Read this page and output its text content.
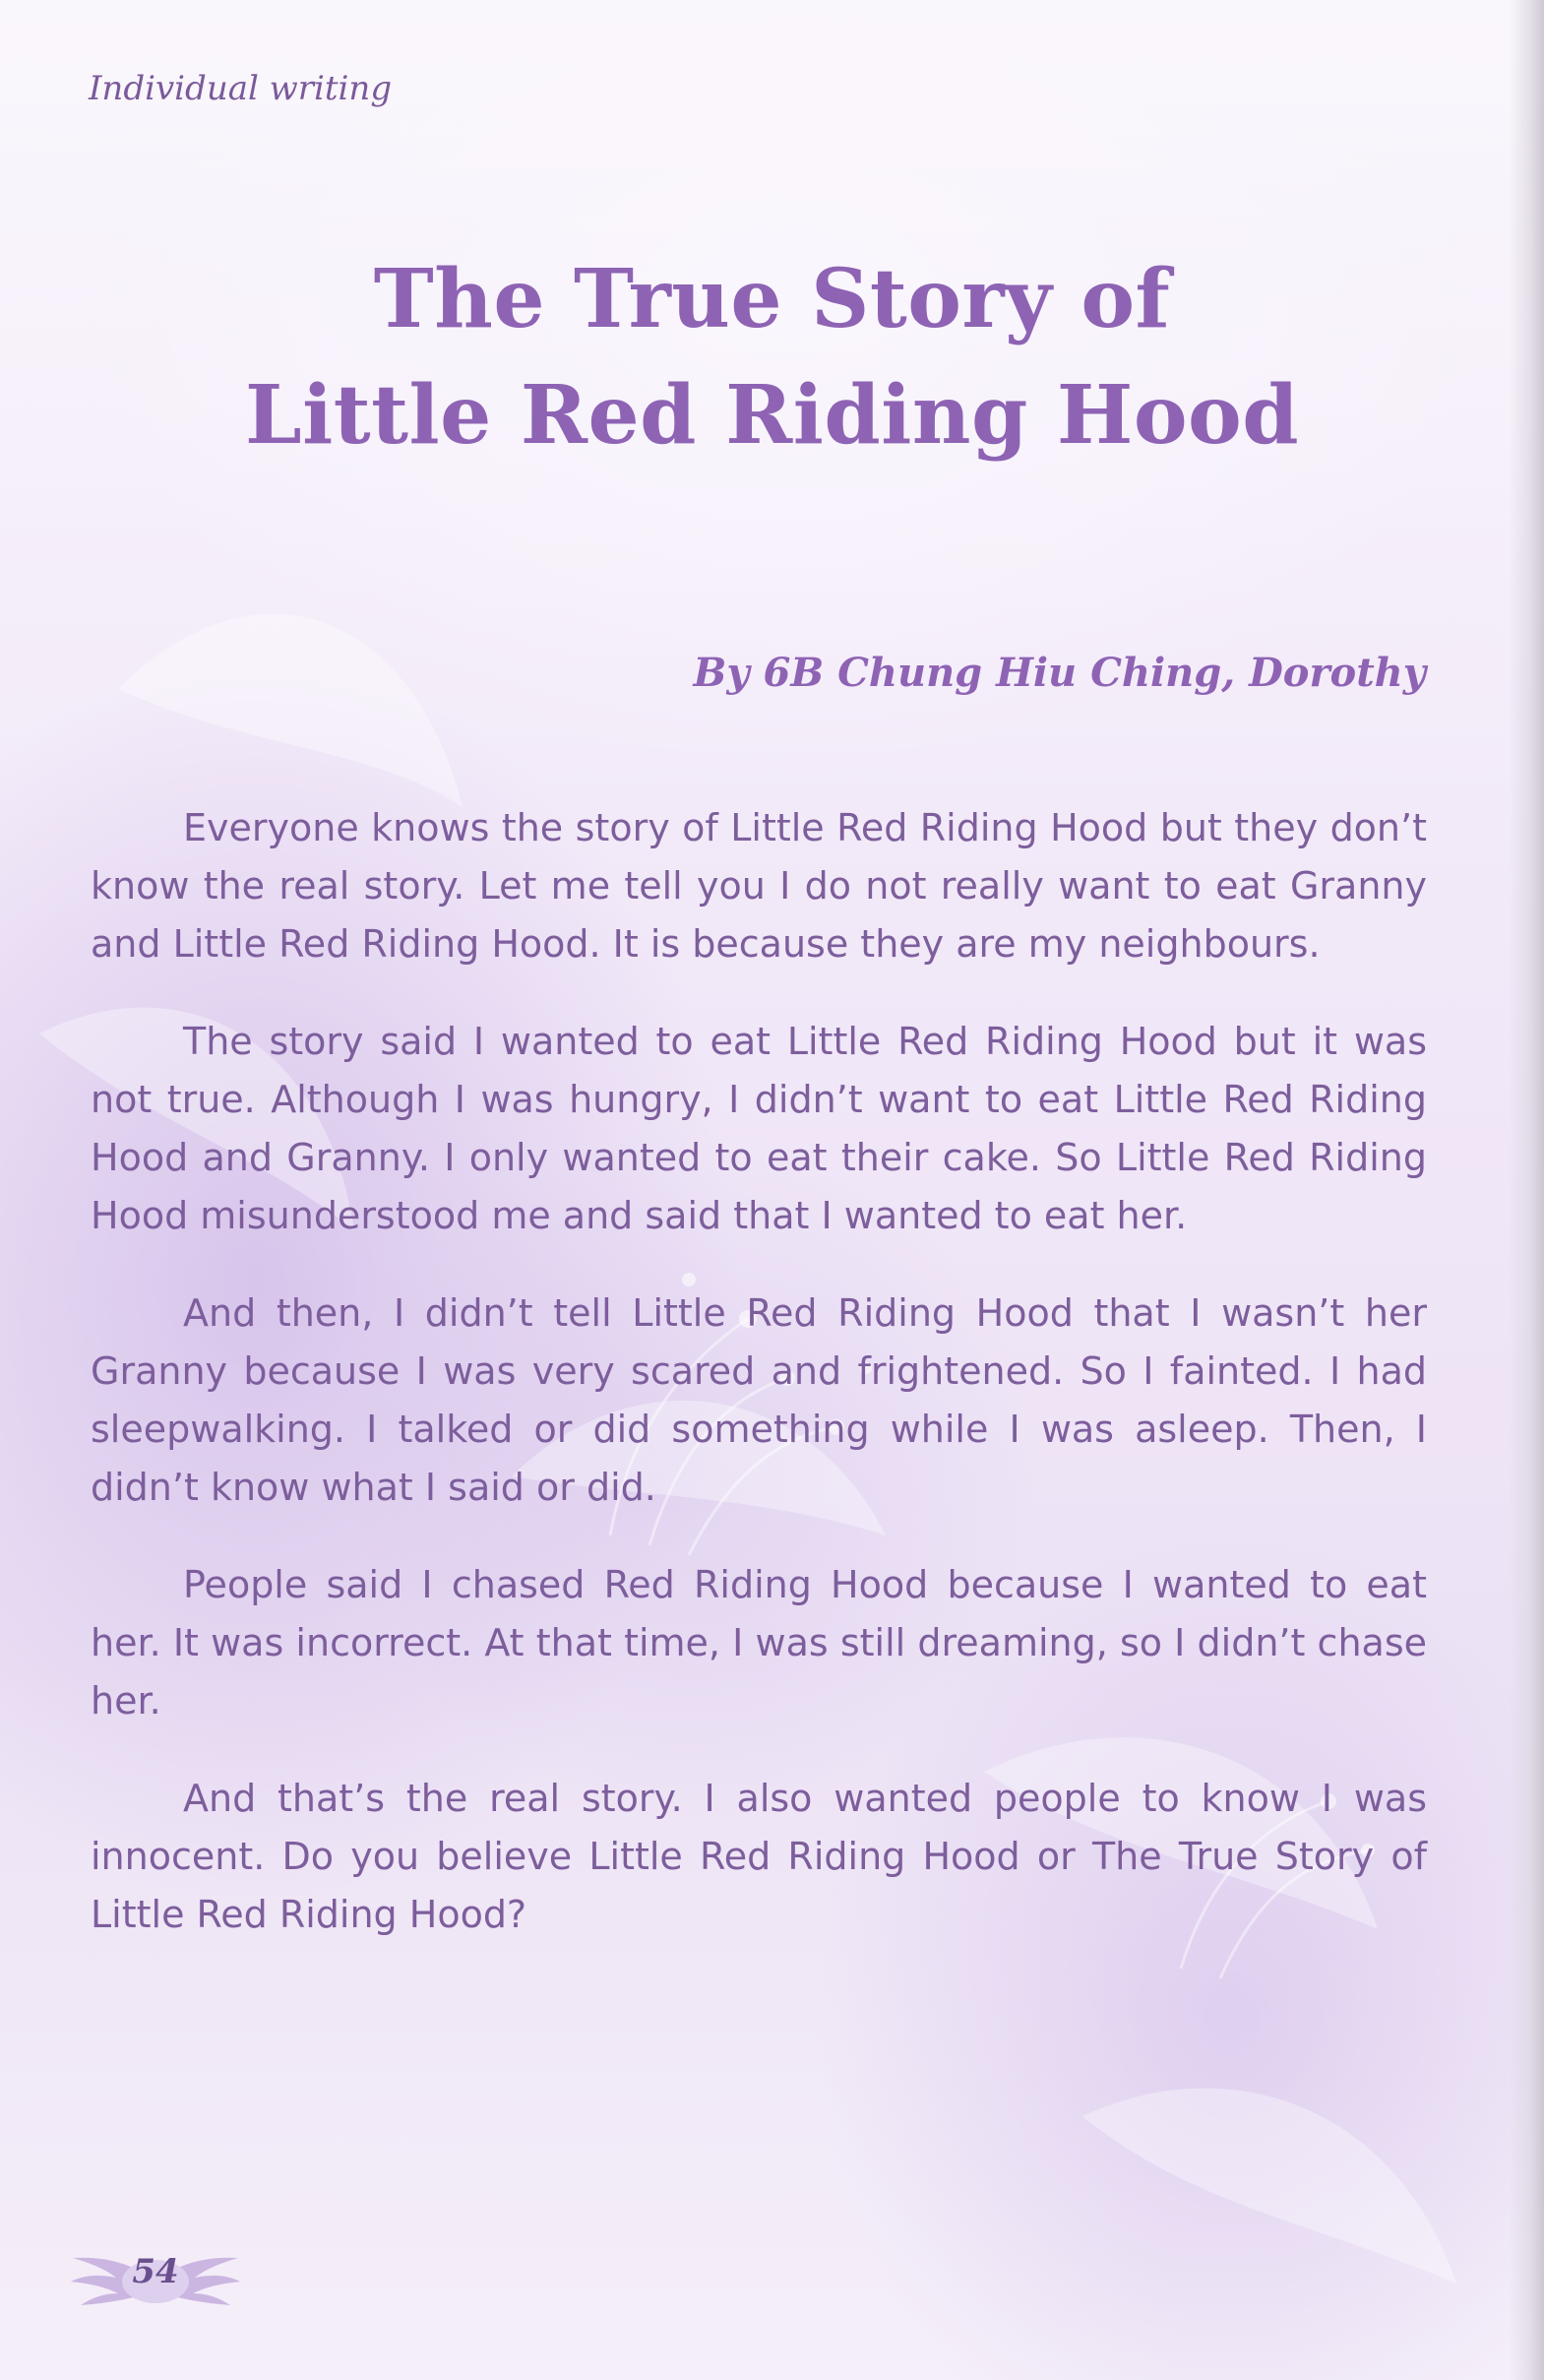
Individual writing
The True Story of
Little Red Riding Hood
By 6B Chung Hiu Ching, Dorothy

Everyone knows the story of Little Red Riding Hood but they don’t know the real story. Let me tell you I do not really want to eat Granny and Little Red Riding Hood. It is because they are my neighbours.

The story said I wanted to eat Little Red Riding Hood but it was not true. Although I was hungry, I didn’t want to eat Little Red Riding Hood and Granny. I only wanted to eat their cake. So Little Red Riding Hood misunderstood me and said that I wanted to eat her.

And then, I didn’t tell Little Red Riding Hood that I wasn’t her Granny because I was very scared and frightened. So I fainted. I had sleepwalking. I talked or did something while I was asleep. Then, I didn’t know what I said or did.

People said I chased Red Riding Hood because I wanted to eat her. It was incorrect. At that time, I was still dreaming, so I didn’t chase her.

And that’s the real story. I also wanted people to know I was innocent. Do you believe Little Red Riding Hood or The True Story of Little Red Riding Hood?

54
